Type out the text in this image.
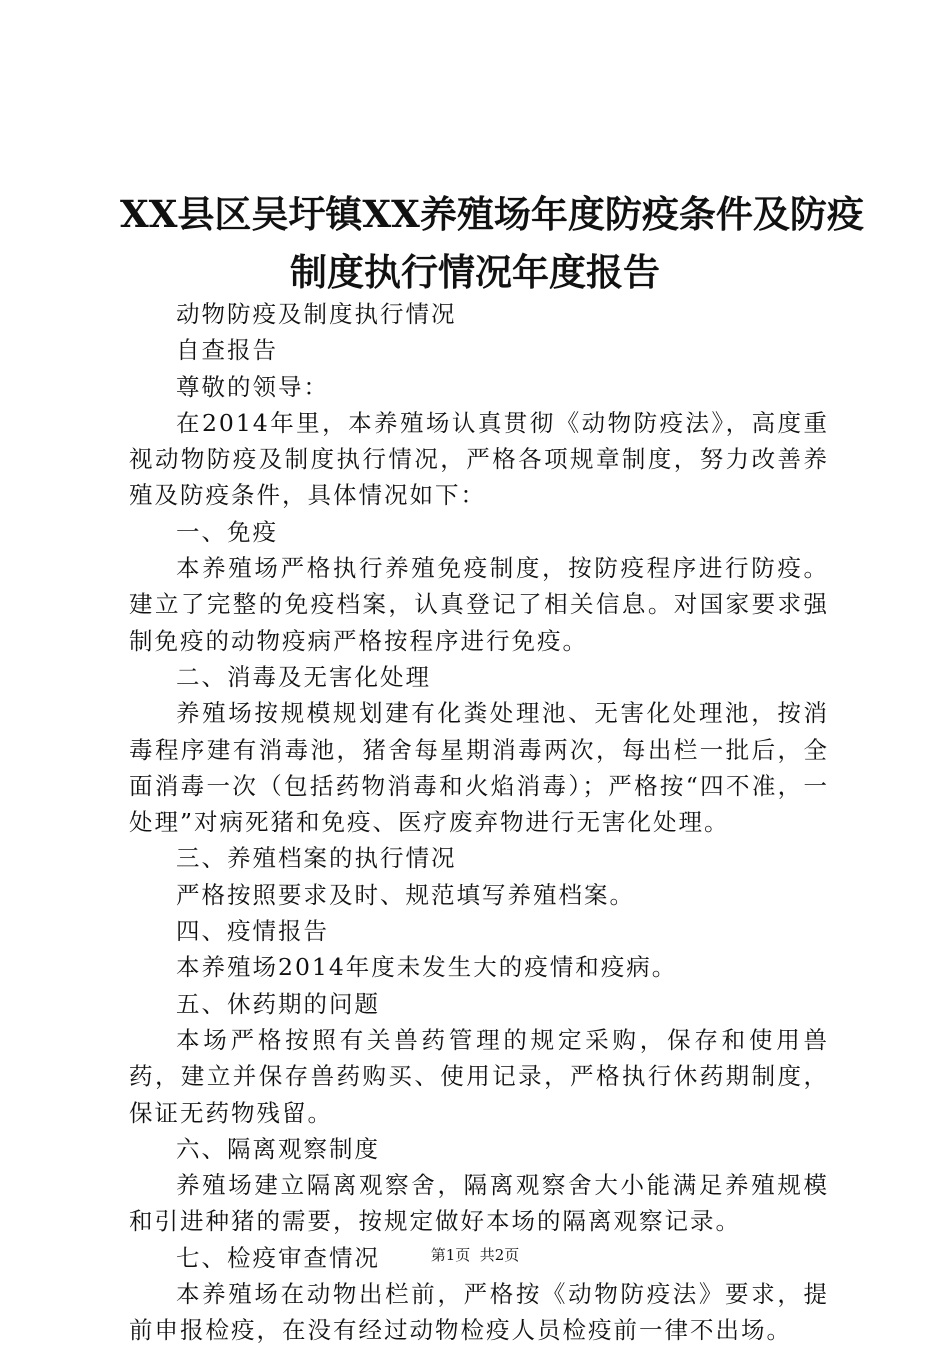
XX县区吴圩镇XX养殖场年度防疫条件及防疫
制度执行情况年度报告

动物防疫及制度执行情况

自查报告

尊敬的领导：

在2014年里，本养殖场认真贯彻《动物防疫法》，高度重视动物防疫及制度执行情况，严格各项规章制度，努力改善养殖及防疫条件，具体情况如下：

一、免疫

本养殖场严格执行养殖免疫制度，按防疫程序进行防疫。建立了完整的免疫档案，认真登记了相关信息。对国家要求强制免疫的动物疫病严格按程序进行免疫。

二、消毒及无害化处理

养殖场按规模规划建有化粪处理池、无害化处理池，按消毒程序建有消毒池，猪舍每星期消毒两次，每出栏一批后，全面消毒一次（包括药物消毒和火焰消毒）；严格按“四不准，一处理”对病死猪和免疫、医疗废弃物进行无害化处理。

三、养殖档案的执行情况

严格按照要求及时、规范填写养殖档案。

四、疫情报告

本养殖场2014年度未发生大的疫情和疫病。

五、休药期的问题

本场严格按照有关兽药管理的规定采购，保存和使用兽药，建立并保存兽药购买、使用记录，严格执行休药期制度，保证无药物残留。

六、隔离观察制度

养殖场建立隔离观察舍，隔离观察舍大小能满足养殖规模和引进种猪的需要，按规定做好本场的隔离观察记录。

七、检疫审查情况

本养殖场在动物出栏前，严格按《动物防疫法》要求，提前申报检疫，在没有经过动物检疫人员检疫前一律不出场。

第1页  共2页
